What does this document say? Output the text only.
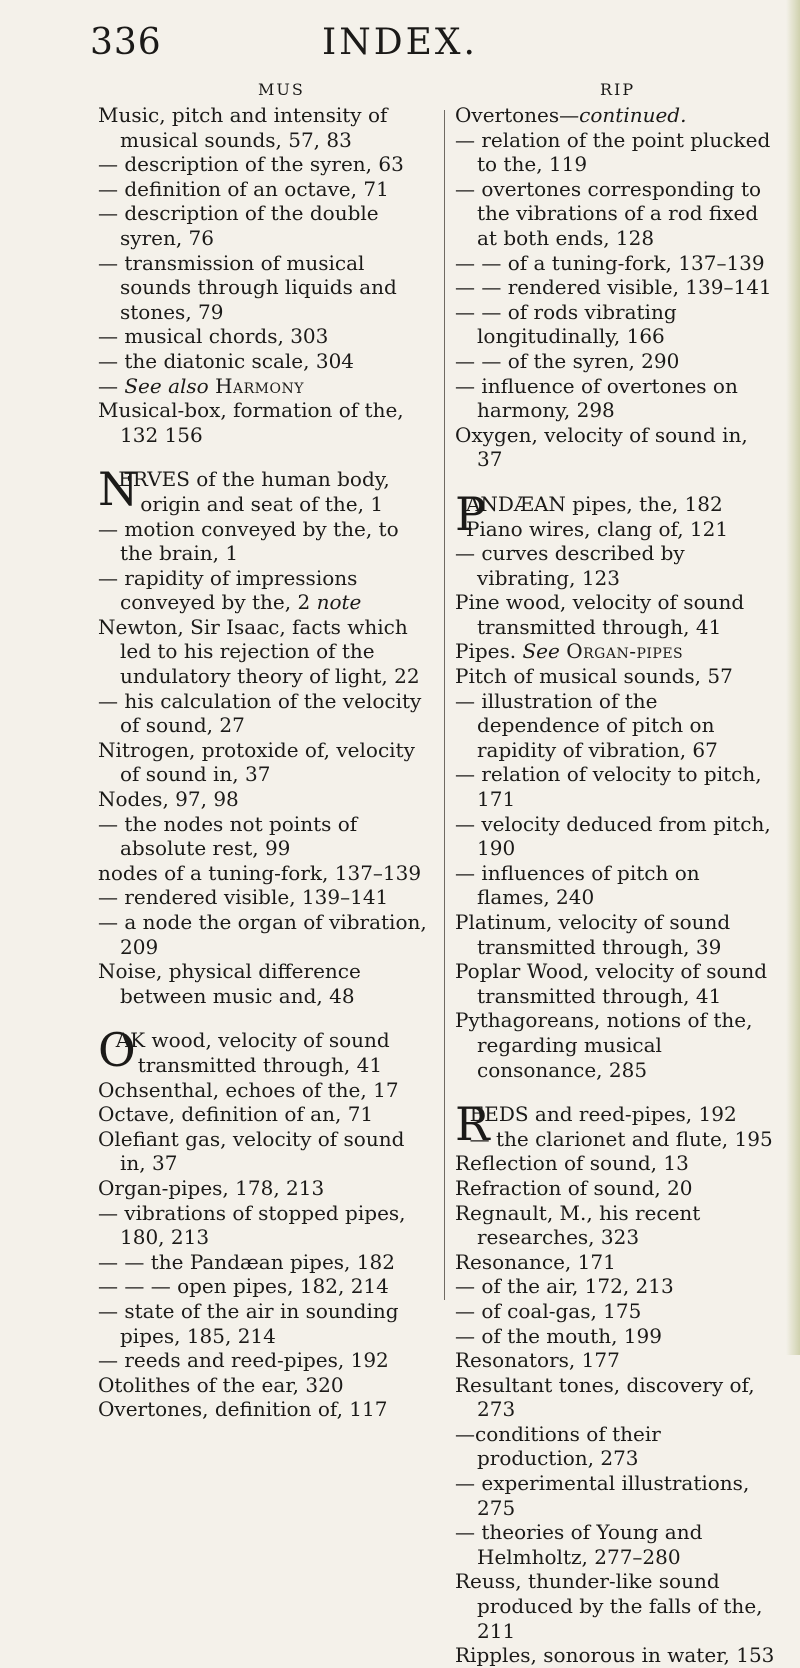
336	INDEX.
MUS	RIP
Music, pitch and intensity of musical sounds, 57, 83
— description of the syren, 63
— definition of an octave, 71
— description of the double syren, 76
— transmission of musical sounds through liquids and stones, 79
— musical chords, 303
— the diatonic scale, 304
— See also Harmony
Musical-box, formation of the, 132 156
N
ERVES of the human body, origin and seat of the, 1
— motion conveyed by the, to the brain, 1
— rapidity of impressions conveyed by the, 2 note
Newton, Sir Isaac, facts which led to his rejection of the undulatory theory of light, 22
— his calculation of the velocity of sound, 27
Nitrogen, protoxide of, velocity of sound in, 37
Nodes, 97, 98
— the nodes not points of absolute rest, 99
nodes of a tuning-fork, 137–139
— rendered visible, 139–141
— a node the organ of vibration, 209
Noise, physical difference between music and, 48
O
AK wood, velocity of sound transmitted through, 41
Ochsenthal, echoes of the, 17
Octave, definition of an, 71
Olefiant gas, velocity of sound in, 37
Organ-pipes, 178, 213
— vibrations of stopped pipes, 180, 213
— — the Pandæan pipes, 182
— — — open pipes, 182, 214
— state of the air in sounding pipes, 185, 214
— reeds and reed-pipes, 192
Otolithes of the ear, 320
Overtones, definition of, 117
Overtones—continued.
— relation of the point plucked to the, 119
— overtones corresponding to the vibrations of a rod fixed at both ends, 128
— — of a tuning-fork, 137–139
— — rendered visible, 139–141
— — of rods vibrating longitudinally, 166
— — of the syren, 290
— influence of overtones on harmony, 298
Oxygen, velocity of sound in, 37
P
ANDÆAN pipes, the, 182
Piano wires, clang of, 121
— curves described by vibrating, 123
Pine wood, velocity of sound transmitted through, 41
Pipes. See Organ-pipes
Pitch of musical sounds, 57
— illustration of the dependence of pitch on rapidity of vibration, 67
— relation of velocity to pitch, 171
— velocity deduced from pitch, 190
— influences of pitch on flames, 240
Platinum, velocity of sound transmitted through, 39
Poplar Wood, velocity of sound transmitted through, 41
Pythagoreans, notions of the, regarding musical consonance, 285
R
EEDS and reed-pipes, 192
— the clarionet and flute, 195
Reflection of sound, 13
Refraction of sound, 20
Regnault, M., his recent researches, 323
Resonance, 171
— of the air, 172, 213
— of coal-gas, 175
— of the mouth, 199
Resonators, 177
Resultant tones, discovery of, 273
—conditions of their production, 273
— experimental illustrations, 275
— theories of Young and Helmholtz, 277–280
Reuss, thunder-like sound produced by the falls of the, 211
Ripples, sonorous in water, 153
